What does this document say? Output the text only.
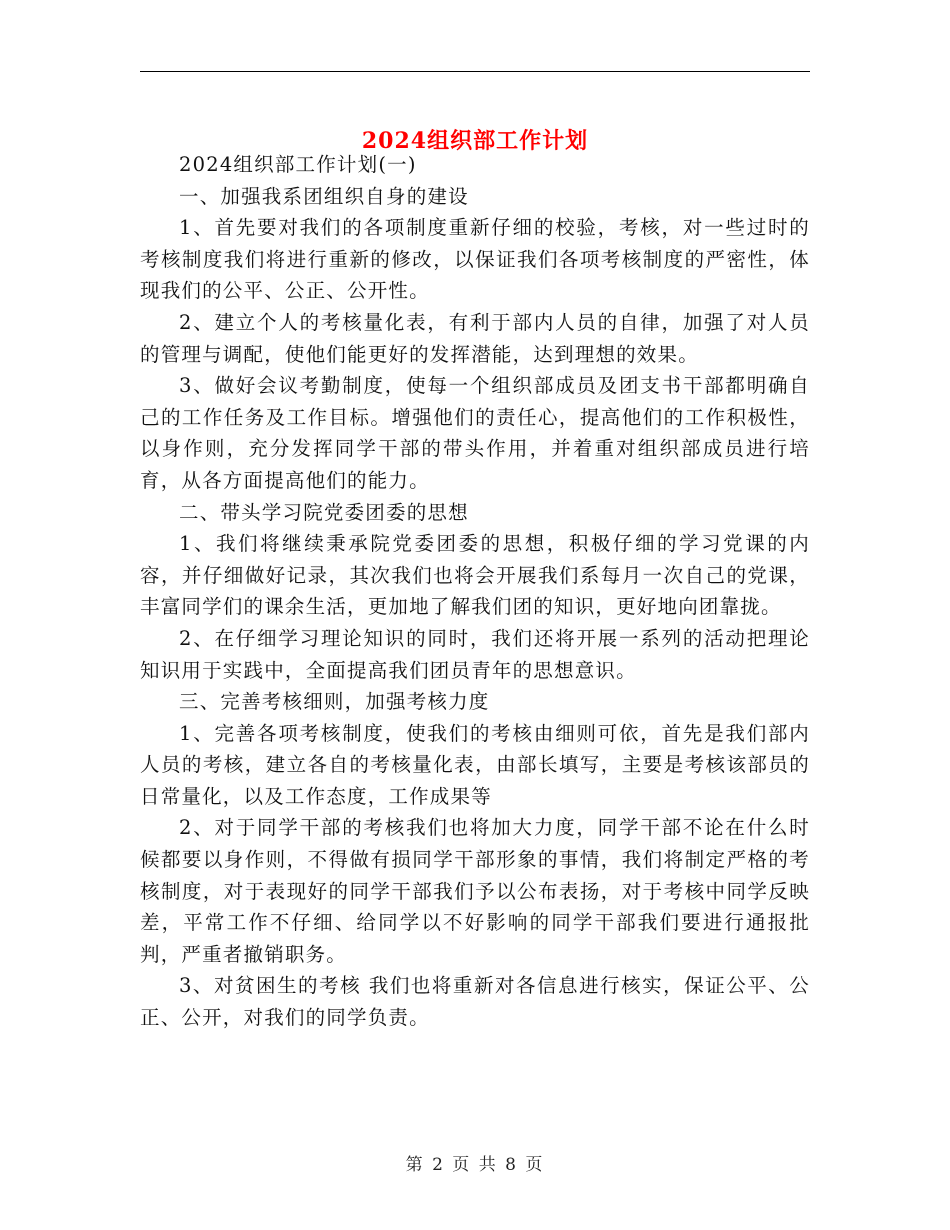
2024组织部工作计划

2024组织部工作计划(一)

一、加强我系团组织自身的建设

1、首先要对我们的各项制度重新仔细的校验，考核，对一些过时的考核制度我们将进行重新的修改，以保证我们各项考核制度的严密性，体现我们的公平、公正、公开性。

2、建立个人的考核量化表，有利于部内人员的自律，加强了对人员的管理与调配，使他们能更好的发挥潜能，达到理想的效果。

3、做好会议考勤制度，使每一个组织部成员及团支书干部都明确自己的工作任务及工作目标。增强他们的责任心，提高他们的工作积极性，以身作则，充分发挥同学干部的带头作用，并着重对组织部成员进行培育，从各方面提高他们的能力。

二、带头学习院党委团委的思想

1、我们将继续秉承院党委团委的思想，积极仔细的学习党课的内容，并仔细做好记录，其次我们也将会开展我们系每月一次自己的党课，丰富同学们的课余生活，更加地了解我们团的知识，更好地向团靠拢。

2、在仔细学习理论知识的同时，我们还将开展一系列的活动把理论知识用于实践中，全面提高我们团员青年的思想意识。

三、完善考核细则，加强考核力度

1、完善各项考核制度，使我们的考核由细则可依，首先是我们部内人员的考核，建立各自的考核量化表，由部长填写，主要是考核该部员的日常量化，以及工作态度，工作成果等

2、对于同学干部的考核我们也将加大力度，同学干部不论在什么时候都要以身作则，不得做有损同学干部形象的事情，我们将制定严格的考核制度，对于表现好的同学干部我们予以公布表扬，对于考核中同学反映差，平常工作不仔细、给同学以不好影响的同学干部我们要进行通报批判，严重者撤销职务。

3、对贫困生的考核 我们也将重新对各信息进行核实，保证公平、公正、公开，对我们的同学负责。

第 2 页 共 8 页
